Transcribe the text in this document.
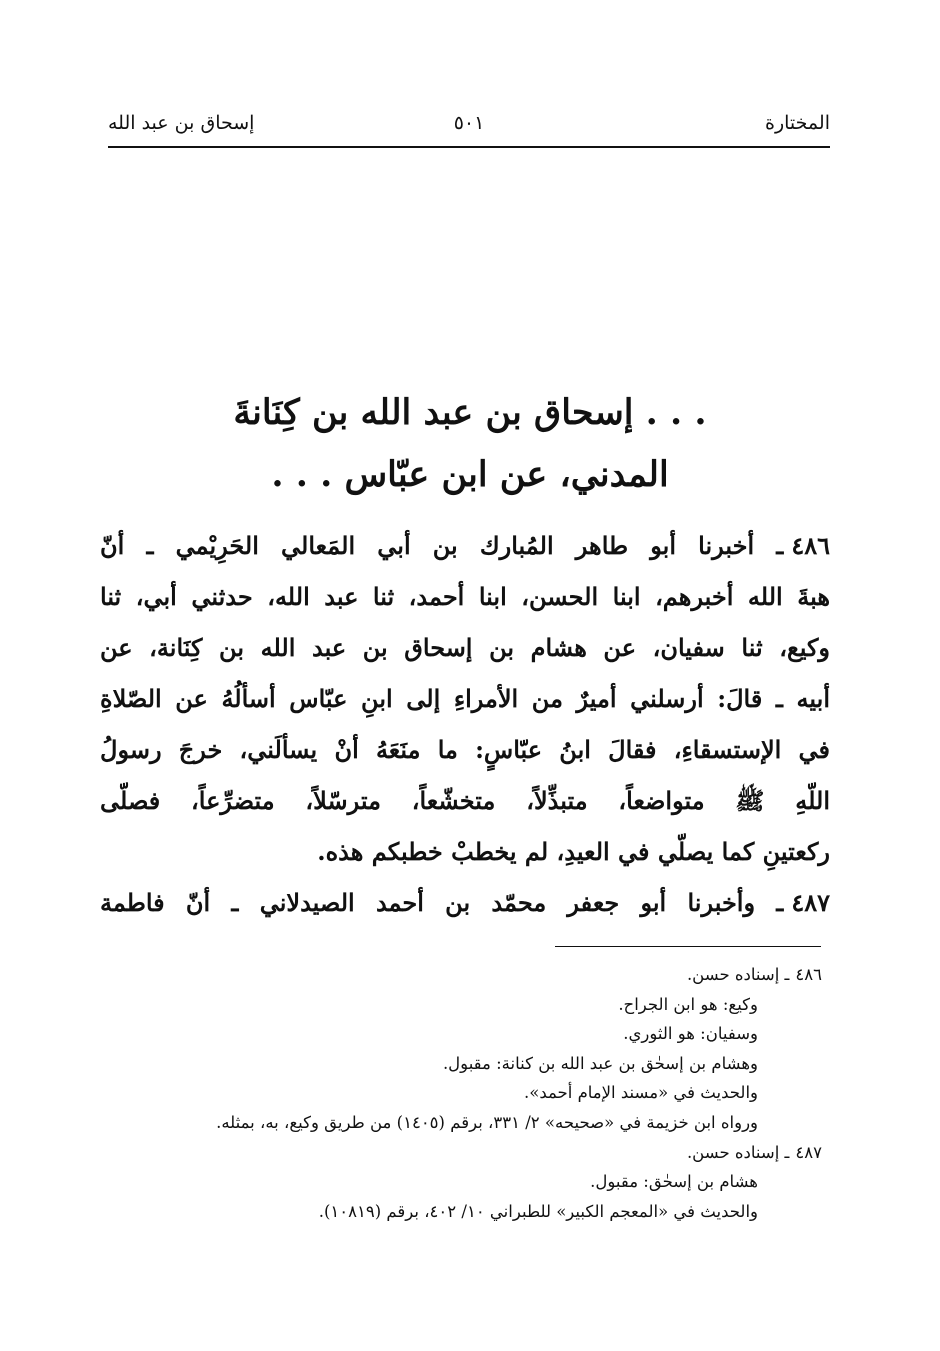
المختارة
٥٠١
إسحاق بن عبد الله
. . . إسحاق بن عبد الله بن كِنَانةَ
المدني، عن ابن عبّاس . . .
٤٨٦ـ أخبرنا أبو طاهر المُبارك بن أبي المَعالي الحَرِيْمي ـ أنّ
هبةَ الله أخبرهم، ابنا الحسن، ابنا أحمد، ثنا عبد الله، حدثني أبي، ثنا
وكيع، ثنا سفيان، عن هشام بن إسحاق بن عبد الله بن كِنَانة، عن
أبيه ـ قالَ: أرسلني أميرٌ من الأمراءِ إلى ابنِ عبّاس أسألُهُ عن الصّلاةِ
في الإستسقاءِ، فقالَ ابنُ عبّاسٍ: ما منَعَهُ أنْ يسألَني، خرجَ رسولُ
اللّهِ ﷺ متواضعاً، متبذِّلاً، متخشّعاً، مترسّلاً، متضرِّعاً، فصلّى
ركعتينِ كما يصلّي في العيدِ، لم يخطبْ خطبكم هذه.
٤٨٧ـ وأخبرنا أبو جعفر محمّد بن أحمد الصيدلاني ـ أنّ فاطمة
٤٨٦ـ إسناده حسن.
وكيع: هو ابن الجراح.
وسفيان: هو الثوري.
وهشام بن إسحٰق بن عبد الله بن كنانة: مقبول.
والحديث في «مسند الإمام أحمد».
ورواه ابن خزيمة في «صحيحه» ٢/ ٣٣١، برقم (١٤٠٥) من طريق وكيع، به، بمثله.
٤٨٧ـ إسناده حسن.
هشام بن إسحٰق: مقبول.
والحديث في «المعجم الكبير» للطبراني ١٠/ ٤٠٢، برقم (١٠٨١٩).
